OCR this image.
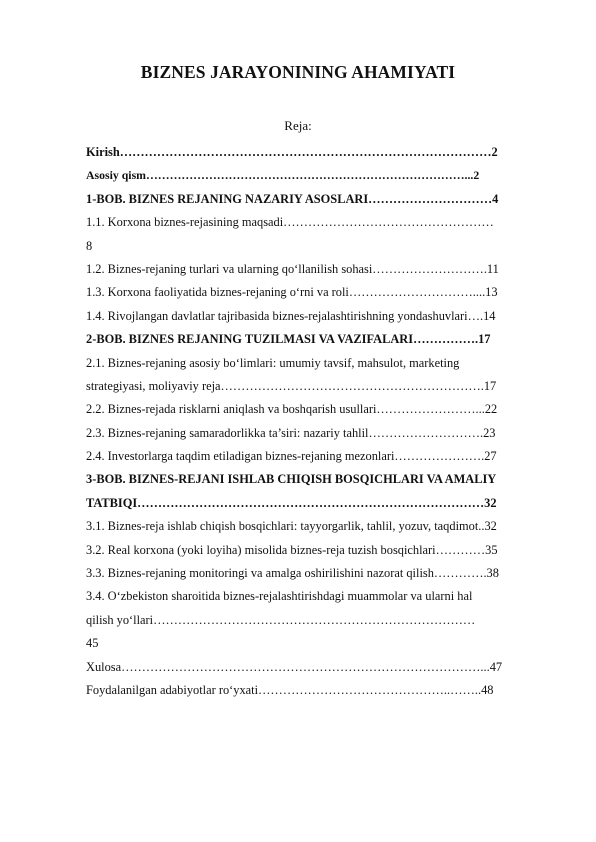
BIZNES JARAYONINING AHAMIYATI
Reja:
Kirish………………………………………………………………………………2
Asosiy qism………………………………………………………………………...2
1-BOB. BIZNES REJANING NAZARIY ASOSLARI…………………………4
1.1. Korxona biznes-rejasining maqsadi……………………………………………
8
1.2. Biznes-rejaning turlari va ularning qo‘llanilish sohasi……………………….11
1.3. Korxona faoliyatida biznes-rejaning o‘rni va roli…………………………....13
1.4. Rivojlangan davlatlar tajribasida biznes-rejalashtirishning yondashuvlari….14
2-BOB. BIZNES REJANING TUZILMASI VA VAZIFALARI…………….17
2.1. Biznes-rejaning asosiy bo‘limlari: umumiy tavsif, mahsulot, marketing
strategiyasi, moliyaviy reja……………………………………………………….17
2.2. Biznes-rejada risklarni aniqlash va boshqarish usullari……………………...22
2.3. Biznes-rejaning samaradorlikka ta’siri: nazariy tahlil……………………….23
2.4. Investorlarga taqdim etiladigan biznes-rejaning mezonlari………………….27
3-BOB. BIZNES-REJANI ISHLAB CHIQISH BOSQICHLARI VA AMALIY
TATBIQI…………………………………………………………………………32
3.1. Biznes-reja ishlab chiqish bosqichlari: tayyorgarlik, tahlil, yozuv, taqdimot..32
3.2. Real korxona (yoki loyiha) misolida biznes-reja tuzish bosqichlari…………35
3.3. Biznes-rejaning monitoringi va amalga oshirilishini nazorat qilish………….38
3.4. O‘zbekiston sharoitida biznes-rejalashtirishdagi muammolar va ularni hal
qilish yo‘llari……………………………………………………………………
45
Xulosa……………………………………………………………………………...47
Foydalanilgan adabiyotlar ro‘yxati………………………………………..……..48
